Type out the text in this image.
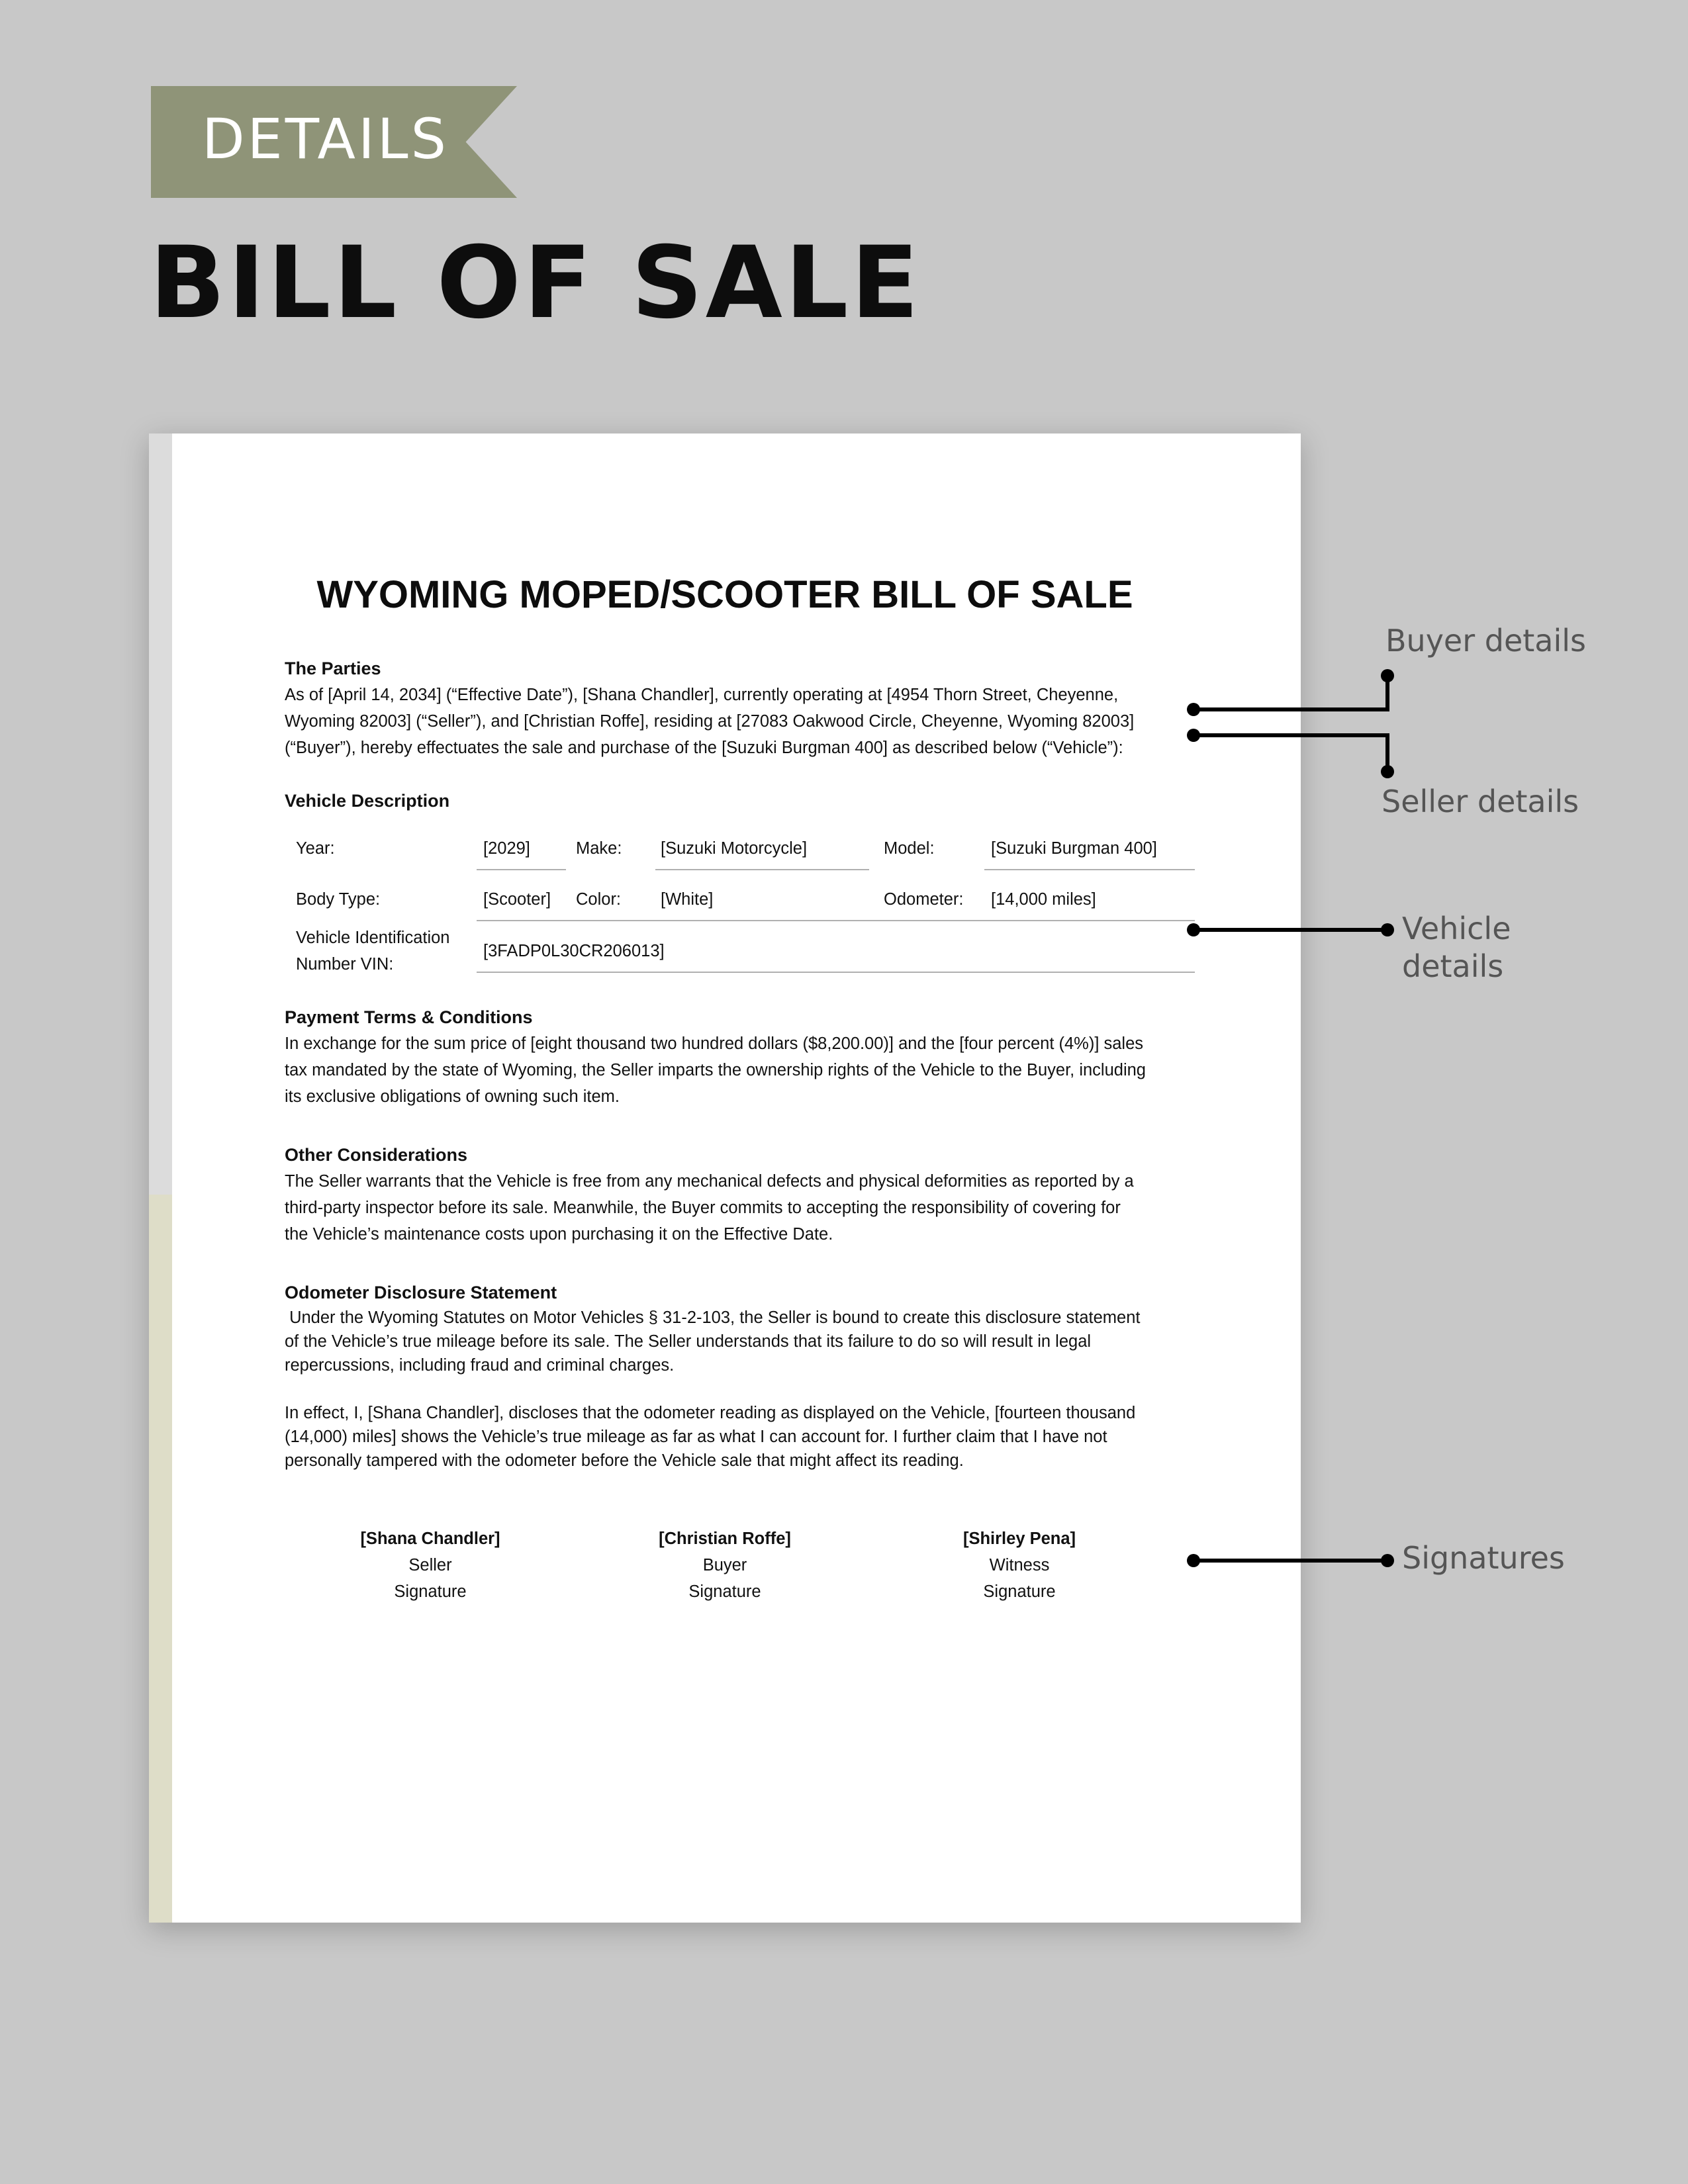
DETAILS
BILL OF SALE
WYOMING MOPED/SCOOTER BILL OF SALE

The Parties

As of [April 14, 2034] (“Effective Date”), [Shana Chandler], currently operating at [4954 Thorn Street, Cheyenne,

Wyoming 82003] (“Seller”), and [Christian Roffe], residing at [27083 Oakwood Circle, Cheyenne, Wyoming 82003]

(“Buyer”), hereby effectuates the sale and purchase of the [Suzuki Burgman 400] as described below (“Vehicle”):

Vehicle Description

Year:	[2029]	Make: [Suzuki Motorcycle]	Model:	[Suzuki Burgman 400]
Body Type:	[Scooter] Color: [White]	Odometer: [14,000 miles]
Vehicle Identification
Number VIN:
[3FADP0L30CR206013]

Payment Terms & Conditions

In exchange for the sum price of [eight thousand two hundred dollars ($8,200.00)] and the [four percent (4%)] sales

tax mandated by the state of Wyoming, the Seller imparts the ownership rights of the Vehicle to the Buyer, including

its exclusive obligations of owning such item.

Other Considerations

The Seller warrants that the Vehicle is free from any mechanical defects and physical deformities as reported by a

third-party inspector before its sale. Meanwhile, the Buyer commits to accepting the responsibility of covering for

the Vehicle’s maintenance costs upon purchasing it on the Effective Date.

Odometer Disclosure Statement

Under the Wyoming Statutes on Motor Vehicles § 31-2-103, the Seller is bound to create this disclosure statement

of the Vehicle’s true mileage before its sale. The Seller understands that its failure to do so will result in legal

repercussions, including fraud and criminal charges.

In effect, I, [Shana Chandler], discloses that the odometer reading as displayed on the Vehicle, [fourteen thousand

(14,000) miles] shows the Vehicle’s true mileage as far as what I can account for. I further claim that I have not

personally tampered with the odometer before the Vehicle sale that might affect its reading.

[Shana Chandler]
Seller
Signature
[Christian Roffe]
Buyer
Signature
[Shirley Pena]
Witness
Signature
Buyer details
Seller details
Vehicle
details
Signatures
